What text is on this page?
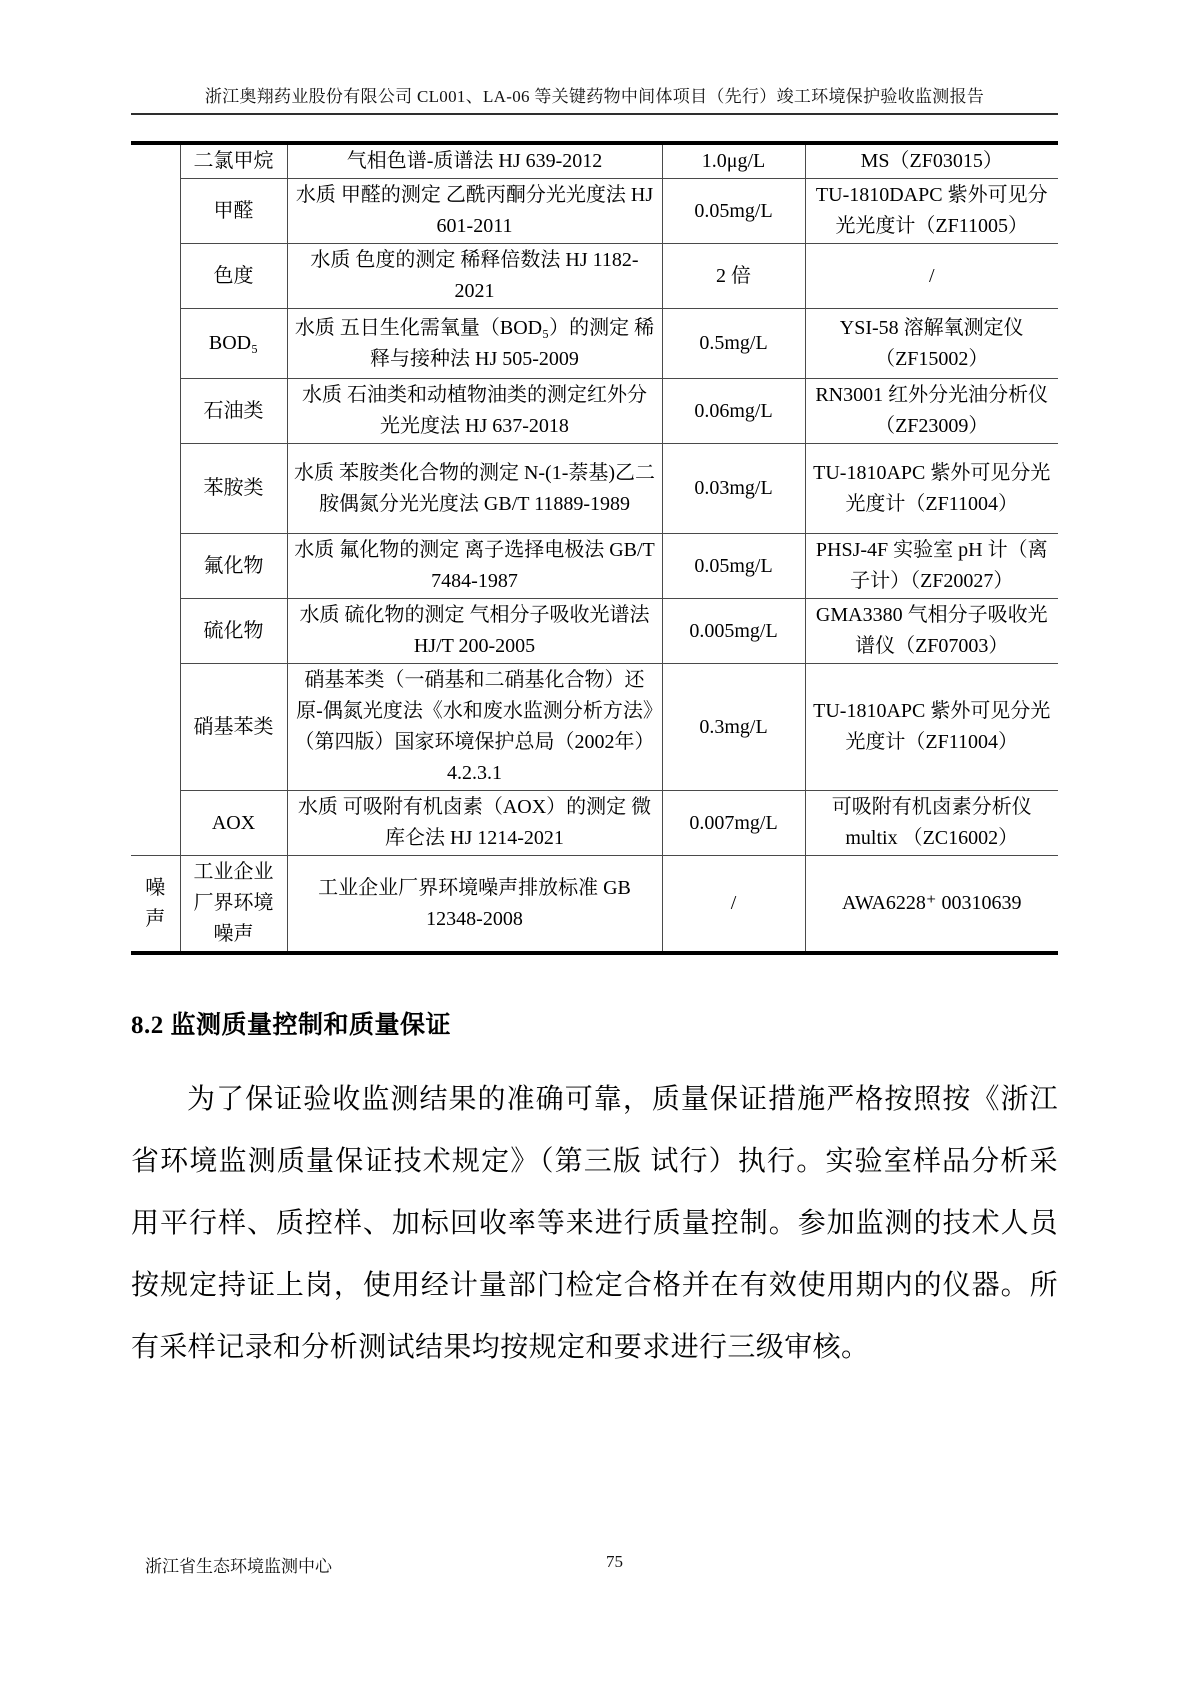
浙江奥翔药业股份有限公司 CL001、LA-06 等关键药物中间体项目（先行）竣工环境保护验收监测报告
	二氯甲烷	气相色谱-质谱法 HJ 639-2012	1.0μg/L	MS（ZF03015）
	甲醛	水质 甲醛的测定 乙酰丙酮分光光度法 HJ 601-2011	0.05mg/L	TU-1810DAPC 紫外可见分光光度计（ZF11005）
	色度	水质 色度的测定 稀释倍数法 HJ 1182-2021	2 倍	/
	BOD₅	水质 五日生化需氧量（BOD₅）的测定 稀释与接种法 HJ 505-2009	0.5mg/L	YSI-58 溶解氧测定仪（ZF15002）
	石油类	水质 石油类和动植物油类的测定红外分光光度法 HJ 637-2018	0.06mg/L	RN3001 红外分光油分析仪（ZF23009）
	苯胺类	水质 苯胺类化合物的测定 N-(1-萘基)乙二胺偶氮分光光度法 GB/T 11889-1989	0.03mg/L	TU-1810APC 紫外可见分光光度计（ZF11004）
	氟化物	水质 氟化物的测定 离子选择电极法 GB/T 7484-1987	0.05mg/L	PHSJ-4F 实验室 pH 计（离子计）（ZF20027）
	硫化物	水质 硫化物的测定 气相分子吸收光谱法 HJ/T 200-2005	0.005mg/L	GMA3380 气相分子吸收光谱仪（ZF07003）
	硝基苯类	硝基苯类（一硝基和二硝基化合物）还原-偶氮光度法《水和废水监测分析方法》（第四版）国家环境保护总局（2002年）4.2.3.1	0.3mg/L	TU-1810APC 紫外可见分光光度计（ZF11004）
	AOX	水质 可吸附有机卤素（AOX）的测定 微库仑法 HJ 1214-2021	0.007mg/L	可吸附有机卤素分析仪 multix （ZC16002）
噪声	工业企业厂界环境噪声	工业企业厂界环境噪声排放标准 GB 12348-2008	/	AWA6228⁺ 00310639
8.2 监测质量控制和质量保证
为了保证验收监测结果的准确可靠，质量保证措施严格按照按《浙江省环境监测质量保证技术规定》（第三版 试行）执行。实验室样品分析采用平行样、质控样、加标回收率等来进行质量控制。参加监测的技术人员按规定持证上岗，使用经计量部门检定合格并在有效使用期内的仪器。所有采样记录和分析测试结果均按规定和要求进行三级审核。
浙江省生态环境监测中心	75
